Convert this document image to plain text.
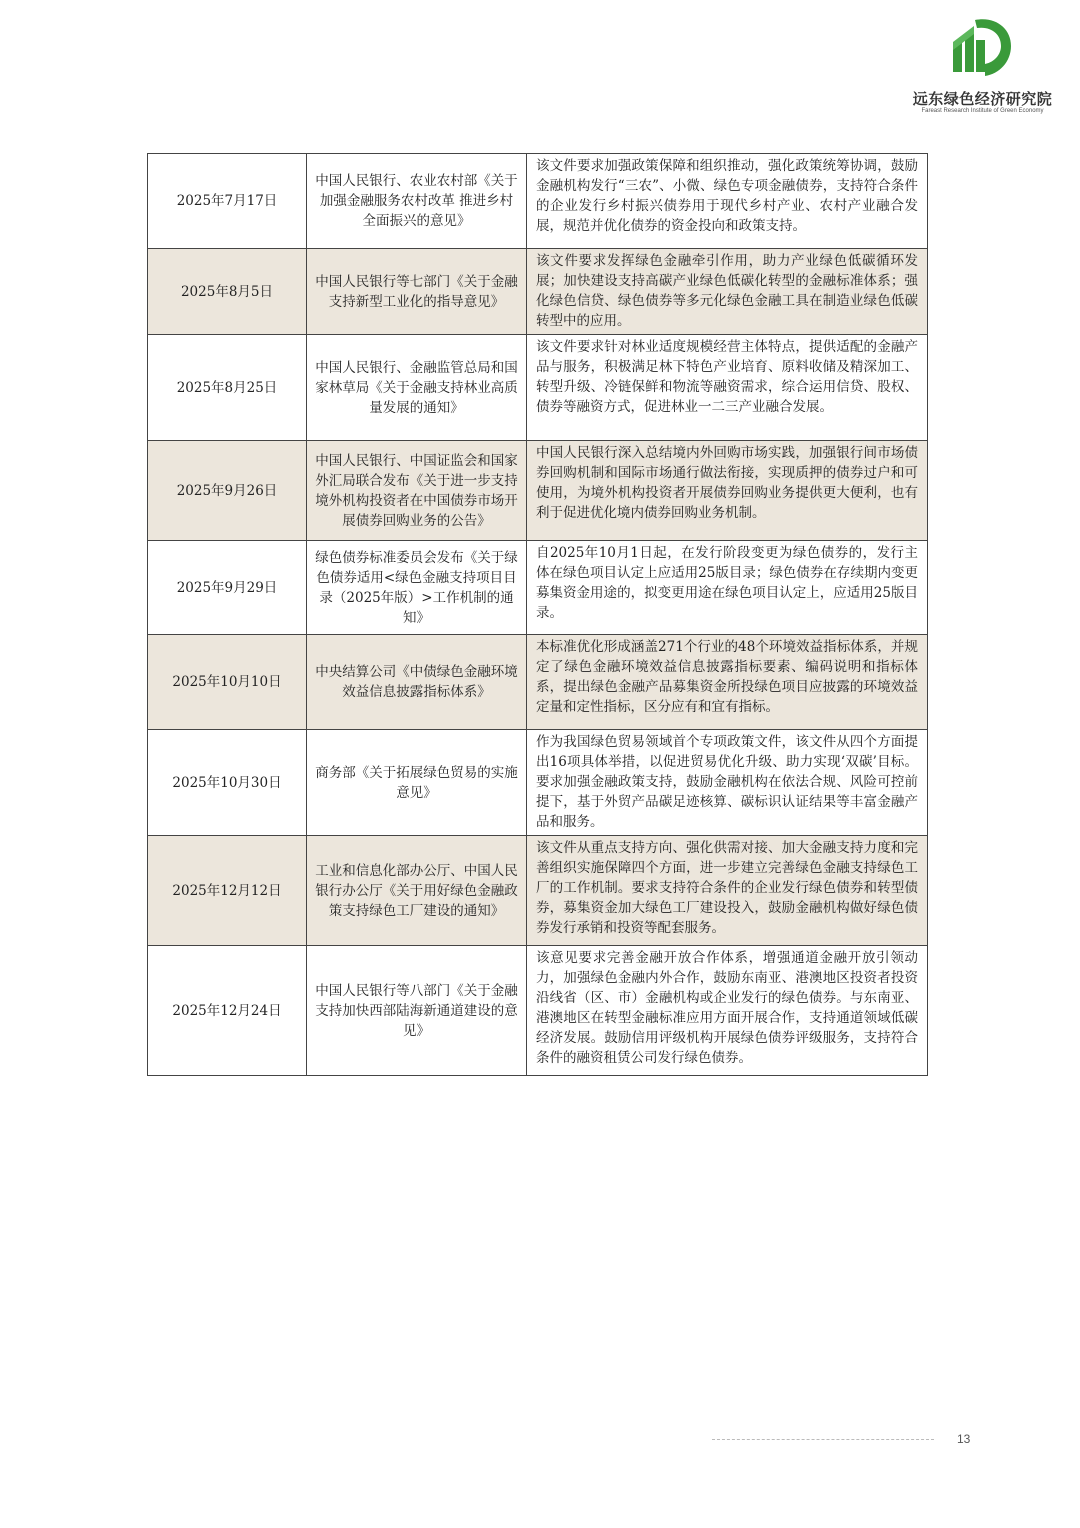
远东绿色经济研究院
Fareast Research Institute of Green Economy
2025年7月17日	中国人民银行、农业农村部《关于加强金融服务农村改革 推进乡村全面振兴的意见》	该文件要求加强政策保障和组织推动，强化政策统筹协调，鼓励金融机构发行“三农”、小微、绿色专项金融债券，支持符合条件的企业发行乡村振兴债券用于现代乡村产业、农村产业融合发展，规范并优化债券的资金投向和政策支持。
2025年8月5日	中国人民银行等七部门《关于金融支持新型工业化的指导意见》	该文件要求发挥绿色金融牵引作用，助力产业绿色低碳循环发展；加快建设支持高碳产业绿色低碳化转型的金融标准体系；强化绿色信贷、绿色债券等多元化绿色金融工具在制造业绿色低碳转型中的应用。
2025年8月25日	中国人民银行、金融监管总局和国家林草局《关于金融支持林业高质量发展的通知》	该文件要求针对林业适度规模经营主体特点，提供适配的金融产品与服务，积极满足林下特色产业培育、原料收储及精深加工、转型升级、冷链保鲜和物流等融资需求，综合运用信贷、股权、债券等融资方式，促进林业一二三产业融合发展。
2025年9月26日	中国人民银行、中国证监会和国家外汇局联合发布《关于进一步支持境外机构投资者在中国债券市场开展债券回购业务的公告》	中国人民银行深入总结境内外回购市场实践，加强银行间市场债券回购机制和国际市场通行做法衔接，实现质押的债券过户和可使用，为境外机构投资者开展债券回购业务提供更大便利，也有利于促进优化境内债券回购业务机制。
2025年9月29日	绿色债券标准委员会发布《关于绿色债券适用<绿色金融支持项目目录（2025年版）>工作机制的通知》	自2025年10月1日起，在发行阶段变更为绿色债券的，发行主体在绿色项目认定上应适用25版目录；绿色债券在存续期内变更募集资金用途的，拟变更用途在绿色项目认定上，应适用25版目录。
2025年10月10日	中央结算公司《中债绿色金融环境效益信息披露指标体系》	本标准优化形成涵盖271个行业的48个环境效益指标体系，并规定了绿色金融环境效益信息披露指标要素、编码说明和指标体系，提出绿色金融产品募集资金所投绿色项目应披露的环境效益定量和定性指标，区分应有和宜有指标。
2025年10月30日	商务部《关于拓展绿色贸易的实施意见》	作为我国绿色贸易领域首个专项政策文件，该文件从四个方面提出16项具体举措，以促进贸易优化升级、助力实现‘双碳’目标。要求加强金融政策支持，鼓励金融机构在依法合规、风险可控前提下，基于外贸产品碳足迹核算、碳标识认证结果等丰富金融产品和服务。
2025年12月12日	工业和信息化部办公厅、中国人民银行办公厅《关于用好绿色金融政策支持绿色工厂建设的通知》	该文件从重点支持方向、强化供需对接、加大金融支持力度和完善组织实施保障四个方面，进一步建立完善绿色金融支持绿色工厂的工作机制。要求支持符合条件的企业发行绿色债券和转型债券，募集资金加大绿色工厂建设投入，鼓励金融机构做好绿色债券发行承销和投资等配套服务。
2025年12月24日	中国人民银行等八部门《关于金融支持加快西部陆海新通道建设的意见》	该意见要求完善金融开放合作体系，增强通道金融开放引领动力，加强绿色金融内外合作，鼓励东南亚、港澳地区投资者投资沿线省（区、市）金融机构或企业发行的绿色债券。与东南亚、港澳地区在转型金融标准应用方面开展合作，支持通道领域低碳经济发展。鼓励信用评级机构开展绿色债券评级服务，支持符合条件的融资租赁公司发行绿色债券。
13
